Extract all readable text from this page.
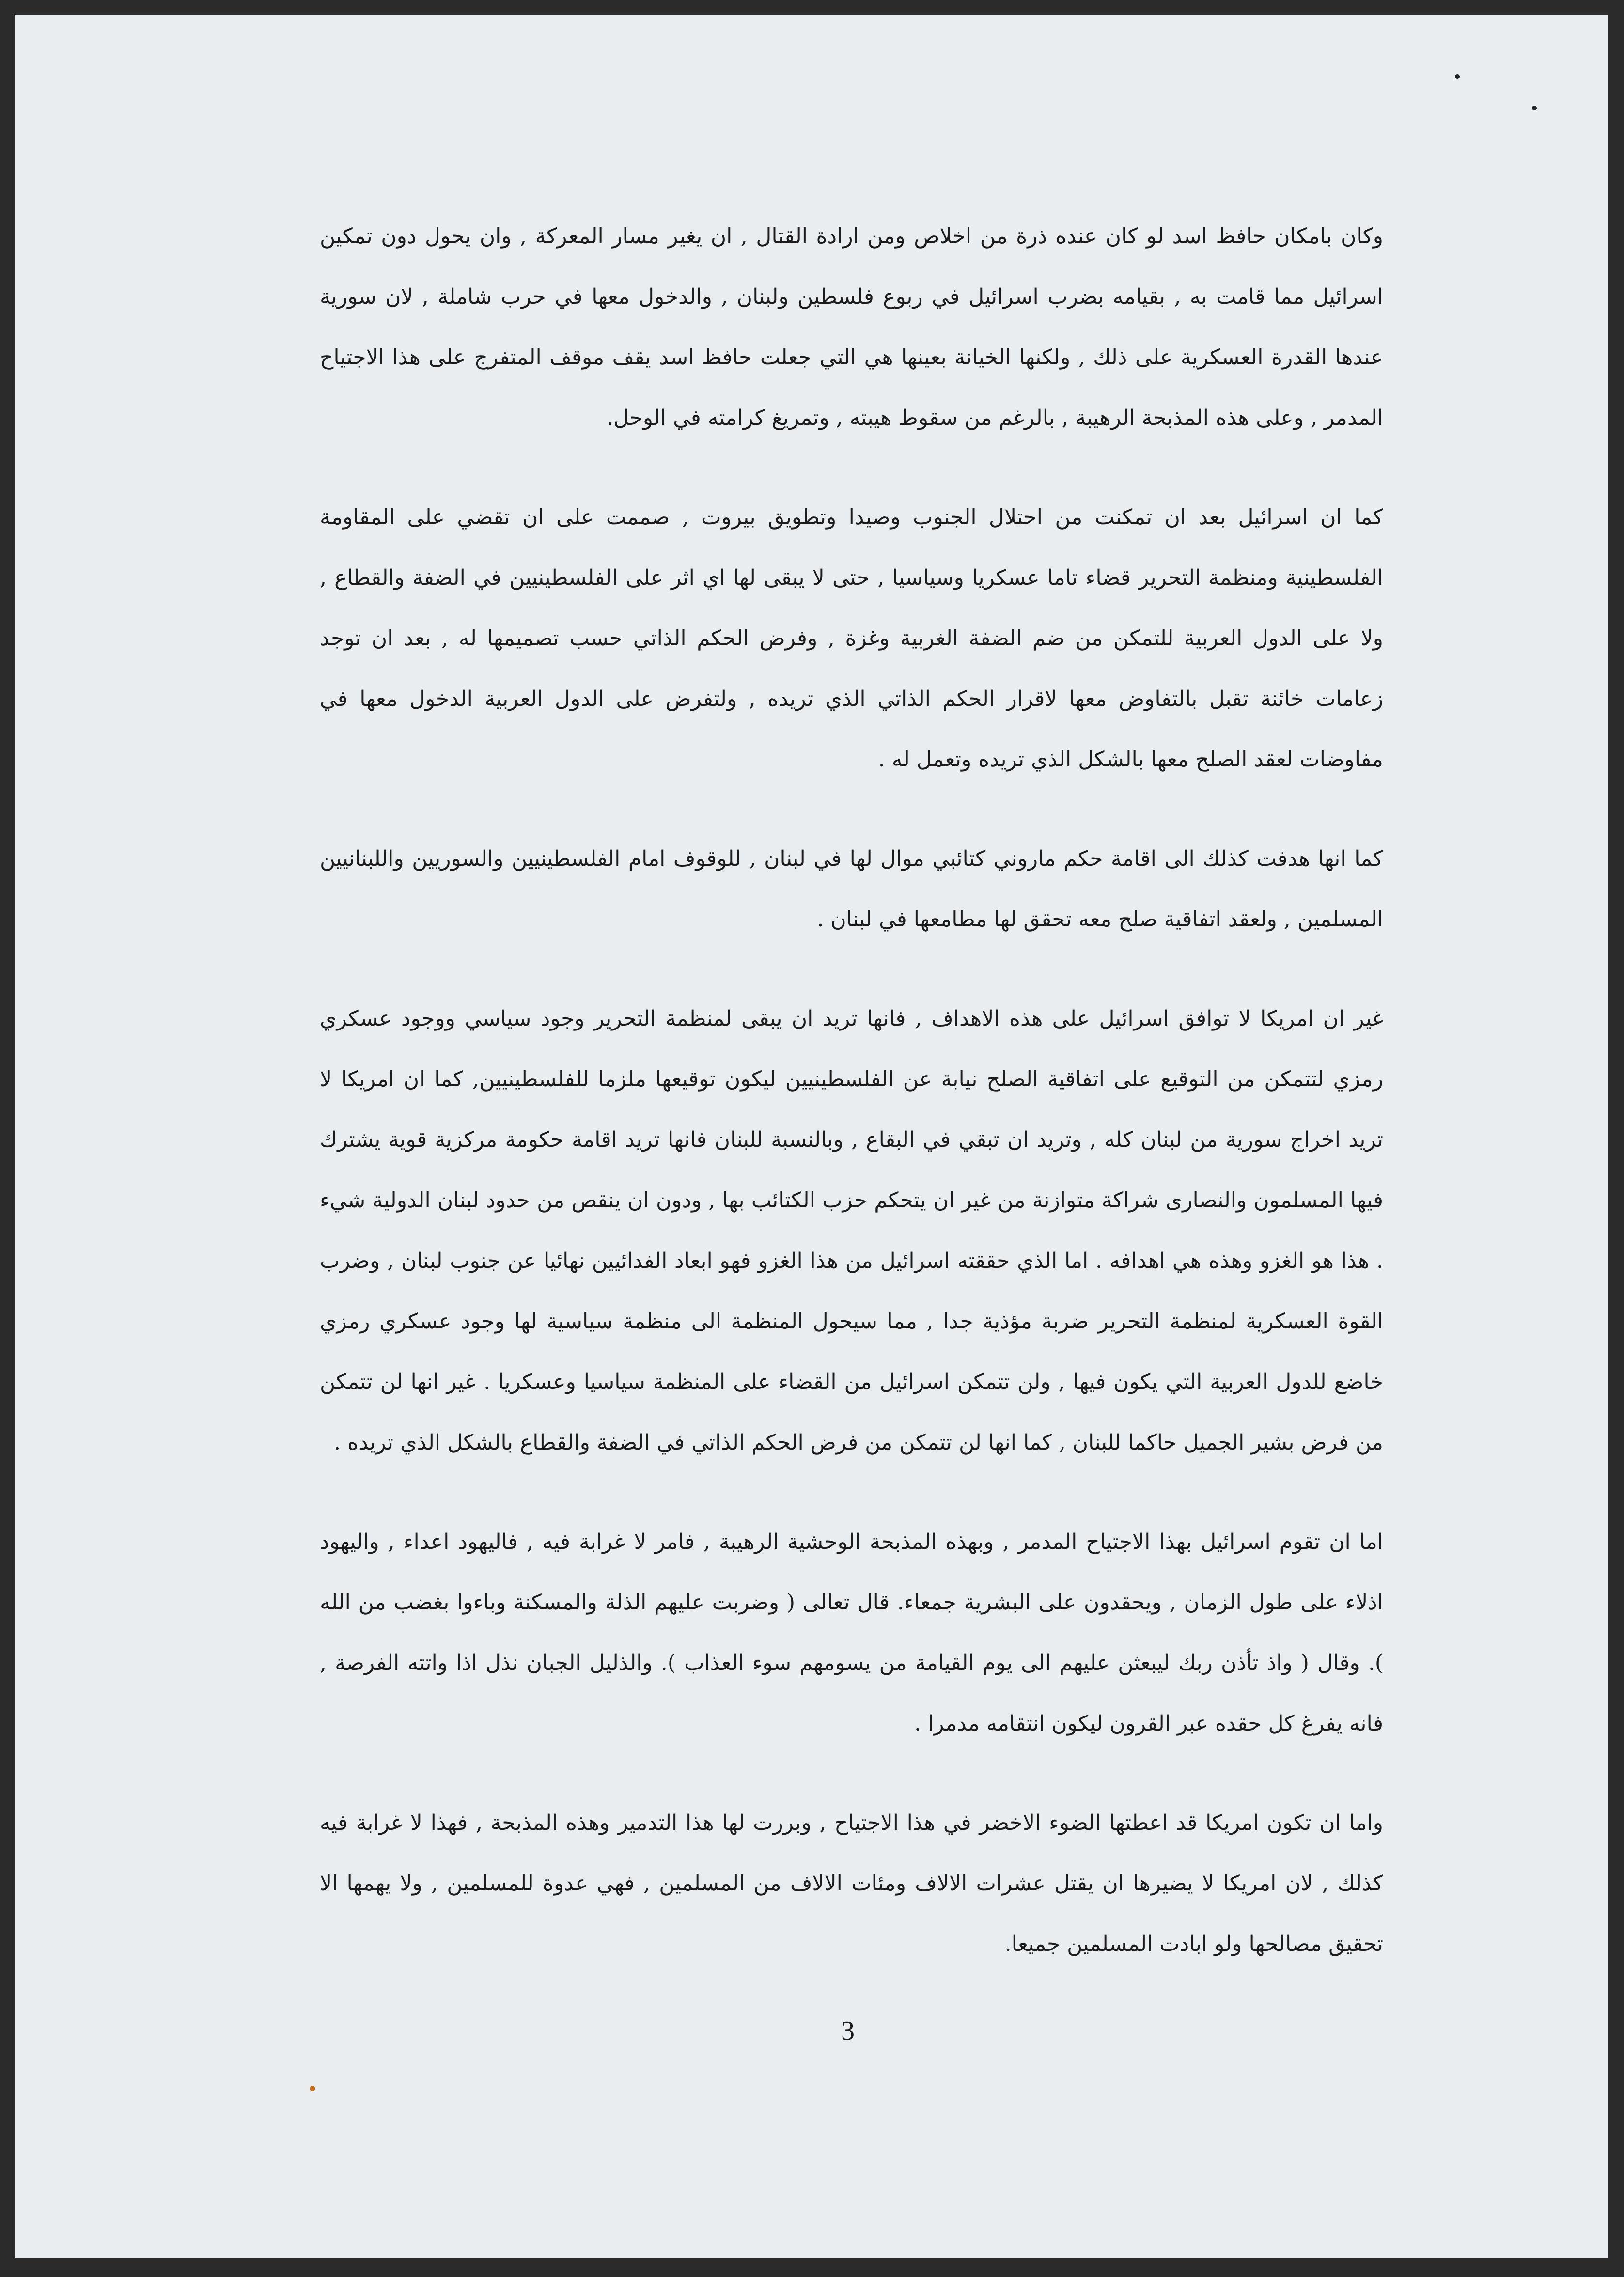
وكان بامكان حافظ اسد لو كان عنده ذرة من اخلاص ومن ارادة القتال , ان يغير مسار المعركة , وان يحول دون تمكين اسرائيل مما قامت به , بقيامه بضرب اسرائيل في ربوع فلسطين ولبنان , والدخول معها في حرب شاملة , لان سورية عندها القدرة العسكرية على ذلك , ولكنها الخيانة بعينها هي التي جعلت حافظ اسد يقف موقف المتفرج على هذا الاجتياح المدمر , وعلى هذه المذبحة الرهيبة , بالرغم من سقوط هيبته , وتمريغ كرامته في الوحل.

كما ان اسرائيل بعد ان تمكنت من احتلال الجنوب وصيدا وتطويق بيروت , صممت على ان تقضي على المقاومة الفلسطينية ومنظمة التحرير قضاء تاما عسكريا وسياسيا , حتى لا يبقى لها اي اثر على الفلسطينيين في الضفة والقطاع , ولا على الدول العربية للتمكن من ضم الضفة الغربية وغزة , وفرض الحكم الذاتي حسب تصميمها له , بعد ان توجد زعامات خائنة تقبل بالتفاوض معها لاقرار الحكم الذاتي الذي تريده , ولتفرض على الدول العربية الدخول معها في مفاوضات لعقد الصلح معها بالشكل الذي تريده وتعمل له .

كما انها هدفت كذلك الى اقامة حكم ماروني كتائبي موال لها في لبنان , للوقوف امام الفلسطينيين والسوريين واللبنانيين المسلمين , ولعقد اتفاقية صلح معه تحقق لها مطامعها في لبنان .

غير ان امريكا لا توافق اسرائيل على هذه الاهداف , فانها تريد ان يبقى لمنظمة التحرير وجود سياسي ووجود عسكري رمزي لتتمكن من التوقيع على اتفاقية الصلح نيابة عن الفلسطينيين ليكون توقيعها ملزما للفلسطينيين, كما ان امريكا لا تريد اخراج سورية من لبنان كله , وتريد ان تبقي في البقاع , وبالنسبة للبنان فانها تريد اقامة حكومة مركزية قوية يشترك فيها المسلمون والنصارى شراكة متوازنة من غير ان يتحكم حزب الكتائب بها , ودون ان ينقص من حدود لبنان الدولية شيء . هذا هو الغزو وهذه هي اهدافه . اما الذي حققته اسرائيل من هذا الغزو فهو ابعاد الفدائيين نهائيا عن جنوب لبنان , وضرب القوة العسكرية لمنظمة التحرير ضربة مؤذية جدا , مما سيحول المنظمة الى منظمة سياسية لها وجود عسكري رمزي خاضع للدول العربية التي يكون فيها , ولن تتمكن اسرائيل من القضاء على المنظمة سياسيا وعسكريا . غير انها لن تتمكن من فرض بشير الجميل حاكما للبنان , كما انها لن تتمكن من فرض الحكم الذاتي في الضفة والقطاع بالشكل الذي تريده .

اما ان تقوم اسرائيل بهذا الاجتياح المدمر , وبهذه المذبحة الوحشية الرهيبة , فامر لا غرابة فيه , فاليهود اعداء , واليهود اذلاء على طول الزمان , ويحقدون على البشرية جمعاء. قال تعالى ( وضربت عليهم الذلة والمسكنة وباءوا بغضب من الله ). وقال ( واذ تأذن ربك ليبعثن عليهم الى يوم القيامة من يسومهم سوء العذاب ). والذليل الجبان نذل اذا واتته الفرصة , فانه يفرغ كل حقده عبر القرون ليكون انتقامه مدمرا .

واما ان تكون امريكا قد اعطتها الضوء الاخضر في هذا الاجتياح , وبررت لها هذا التدمير وهذه المذبحة , فهذا لا غرابة فيه كذلك , لان امريكا لا يضيرها ان يقتل عشرات الالاف ومئات الالاف من المسلمين , فهي عدوة للمسلمين , ولا يهمها الا تحقيق مصالحها ولو ابادت المسلمين جميعا.

3
